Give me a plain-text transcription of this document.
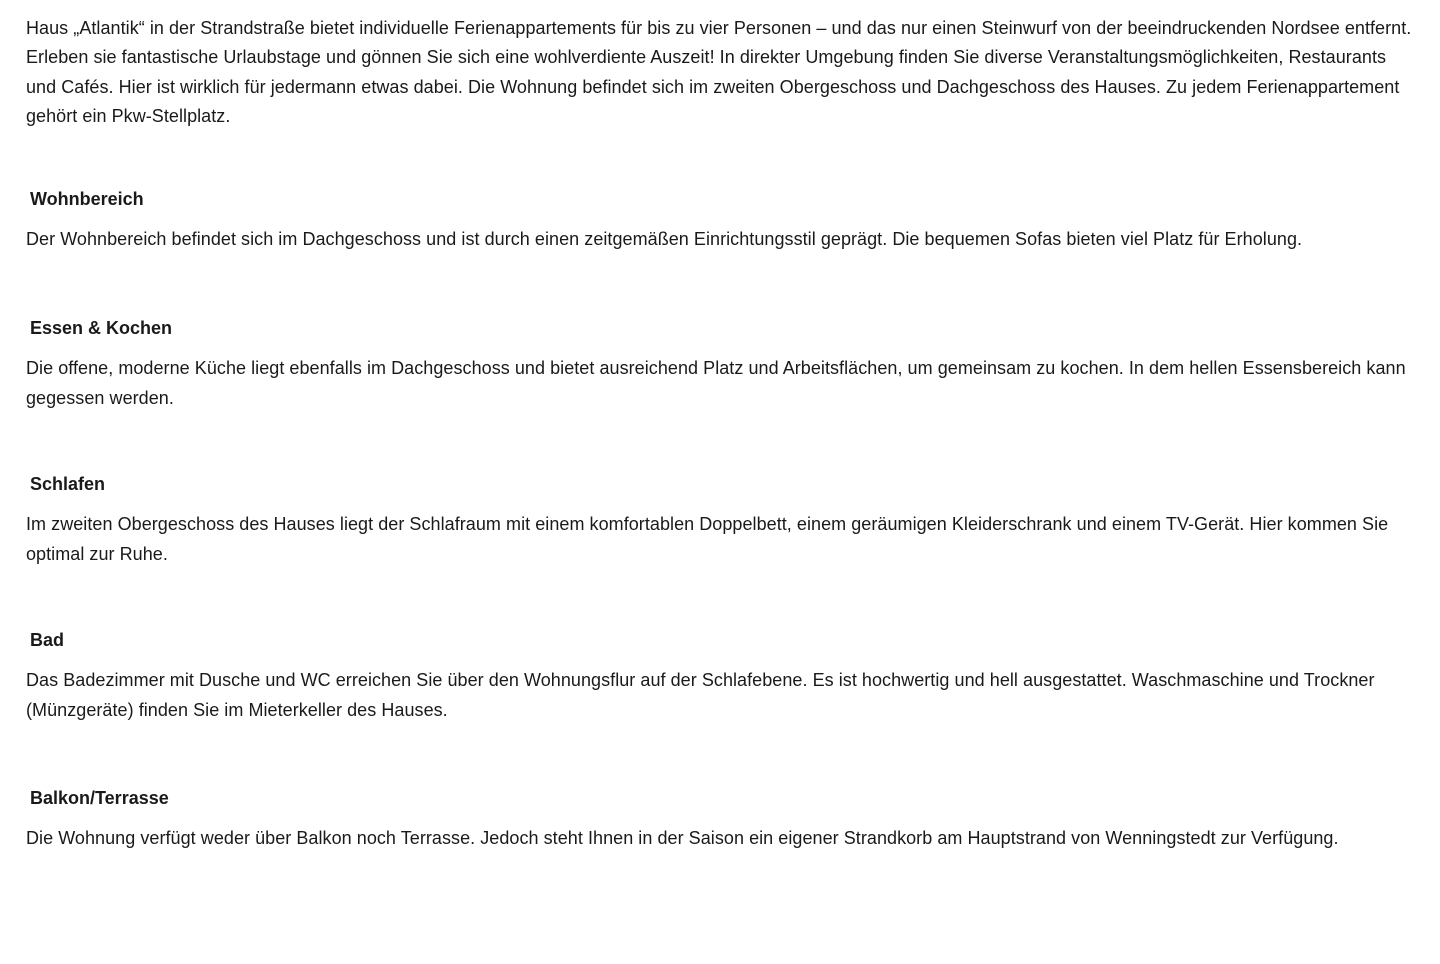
Haus „Atlantik“ in der Strandstraße bietet individuelle Ferienappartements für bis zu vier Personen – und das nur einen Steinwurf von der beeindruckenden Nordsee entfernt. Erleben sie fantastische Urlaubstage und gönnen Sie sich eine wohlverdiente Auszeit! In direkter Umgebung finden Sie diverse Veranstaltungsmöglichkeiten, Restaurants und Cafés. Hier ist wirklich für jedermann etwas dabei. Die Wohnung befindet sich im zweiten Obergeschoss und Dachgeschoss des Hauses. Zu jedem Ferienappartement gehört ein Pkw-Stellplatz.

Wohnbereich

Der Wohnbereich befindet sich im Dachgeschoss und ist durch einen zeitgemäßen Einrichtungsstil geprägt. Die bequemen Sofas bieten viel Platz für Erholung.

Essen & Kochen

Die offene, moderne Küche liegt ebenfalls im Dachgeschoss und bietet ausreichend Platz und Arbeitsflächen, um gemeinsam zu kochen. In dem hellen Essensbereich kann gegessen werden.

Schlafen

Im zweiten Obergeschoss des Hauses liegt der Schlafraum mit einem komfortablen Doppelbett, einem geräumigen Kleiderschrank und einem TV-Gerät. Hier kommen Sie optimal zur Ruhe.

Bad

Das Badezimmer mit Dusche und WC erreichen Sie über den Wohnungsflur auf der Schlafebene. Es ist hochwertig und hell ausgestattet. Waschmaschine und Trockner (Münzgeräte) finden Sie im Mieterkeller des Hauses.

Balkon/Terrasse

Die Wohnung verfügt weder über Balkon noch Terrasse. Jedoch steht Ihnen in der Saison ein eigener Strandkorb am Hauptstrand von Wenningstedt zur Verfügung.
